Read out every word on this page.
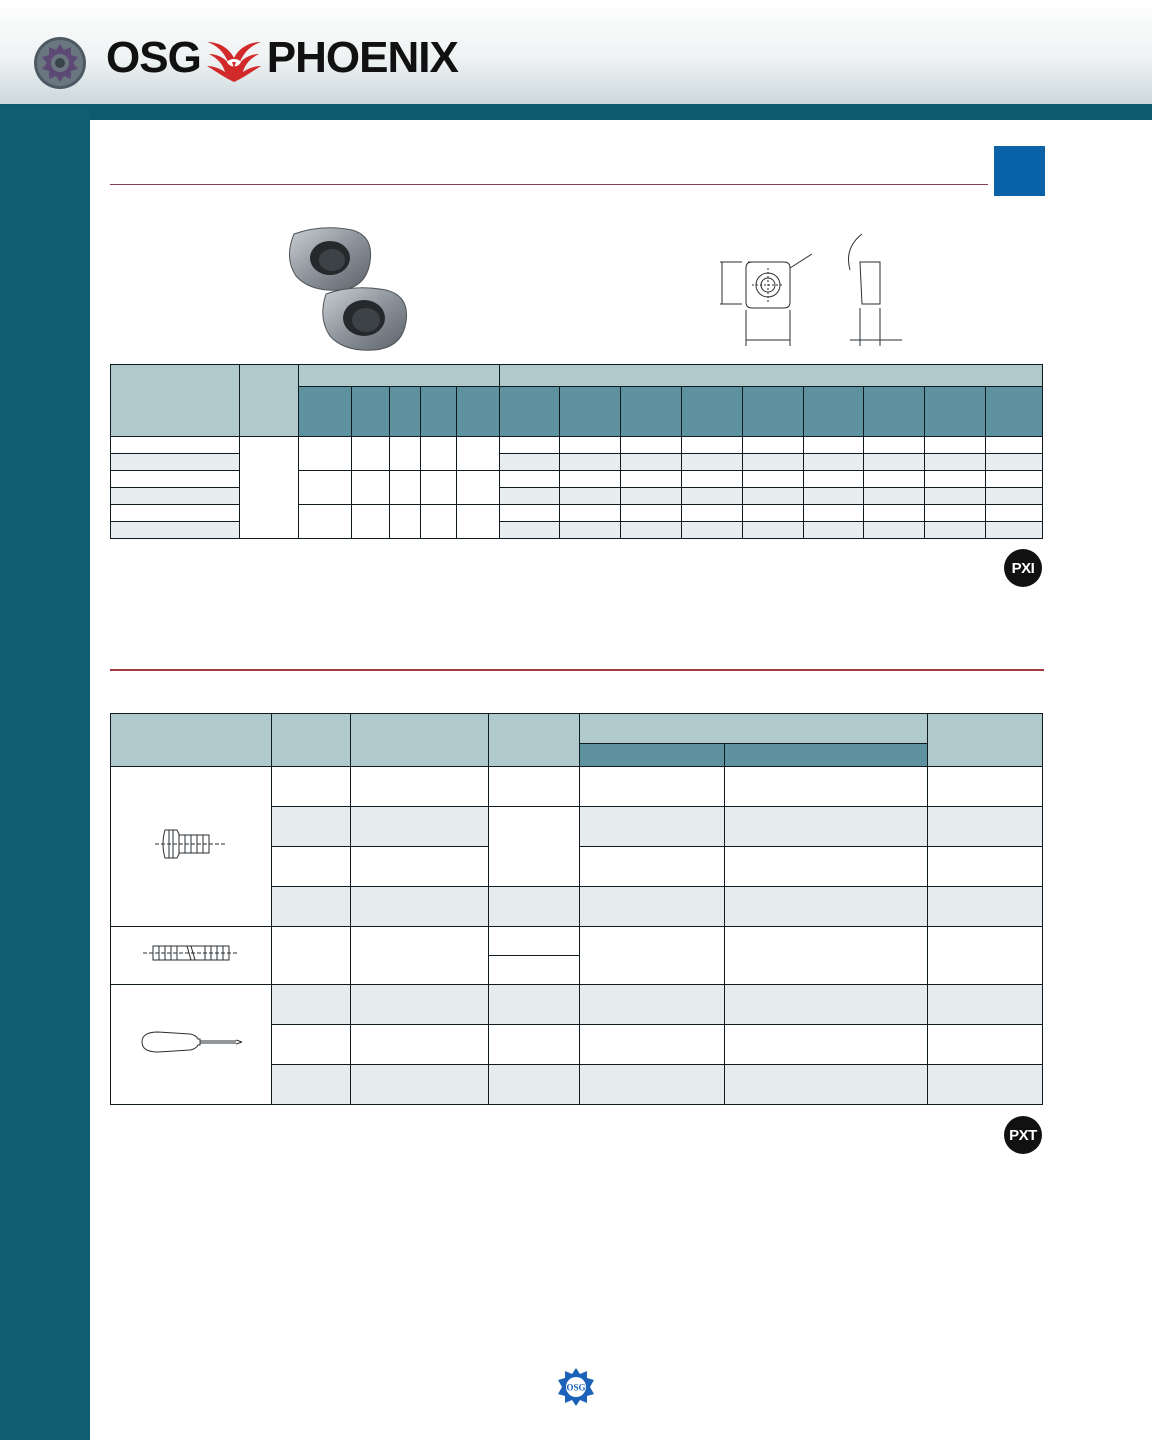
OSG PHOENIX

PXI

PXT
OSG
